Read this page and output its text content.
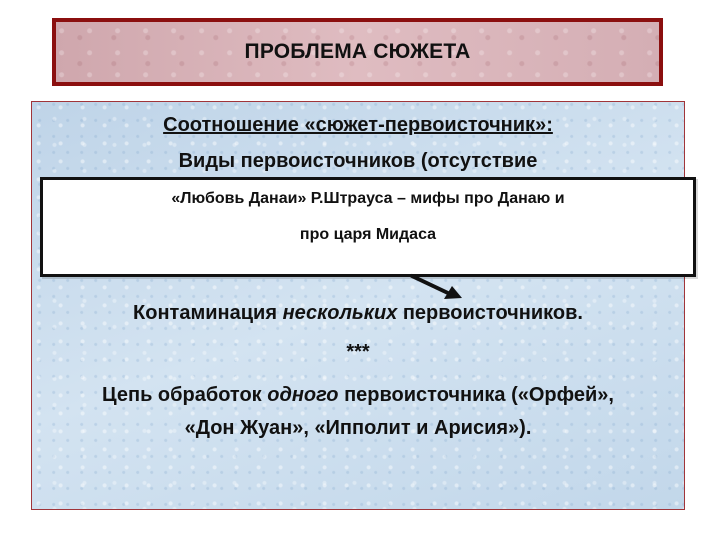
ПРОБЛЕМА СЮЖЕТА
Соотношение «сюжет-первоисточник»:
Виды первоисточников (отсутствие
Контаминация нескольких первоисточников.
***
Цепь обработок одного первоисточника («Орфей»,
«Дон Жуан», «Ипполит и Арисия»).
«Любовь Данаи» Р.Штрауса – мифы про Данаю и
про царя Мидаса
